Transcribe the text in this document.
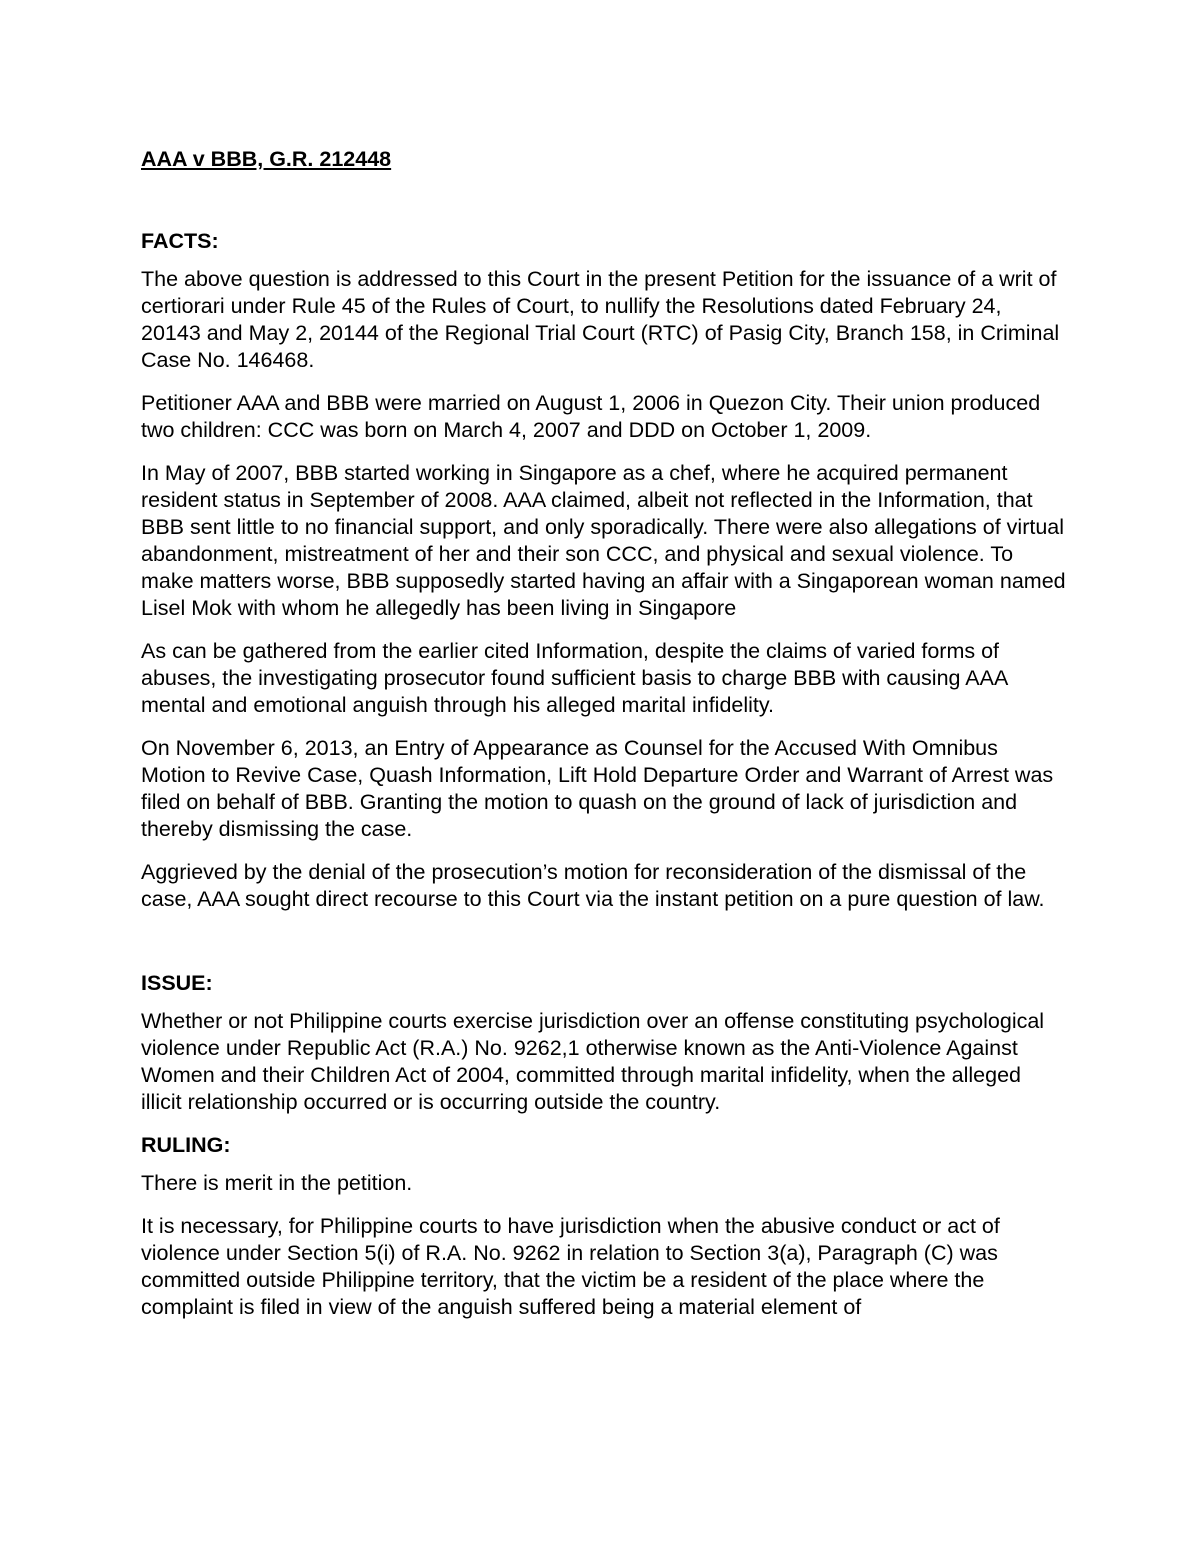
AAA v BBB, G.R. 212448

FACTS:

The above question is addressed to this Court in the present Petition for the issuance of a writ of certiorari under Rule 45 of the Rules of Court, to nullify the Resolutions dated February 24, 20143 and May 2, 20144 of the Regional Trial Court (RTC) of Pasig City, Branch 158, in Criminal Case No. 146468.

Petitioner AAA and BBB were married on August 1, 2006 in Quezon City. Their union produced two children: CCC was born on March 4, 2007 and DDD on October 1, 2009.

In May of 2007, BBB started working in Singapore as a chef, where he acquired permanent resident status in September of 2008. AAA claimed, albeit not reflected in the Information, that BBB sent little to no financial support, and only sporadically. There were also allegations of virtual abandonment, mistreatment of her and their son CCC, and physical and sexual violence. To make matters worse, BBB supposedly started having an affair with a Singaporean woman named Lisel Mok with whom he allegedly has been living in Singapore

As can be gathered from the earlier cited Information, despite the claims of varied forms of abuses, the investigating prosecutor found sufficient basis to charge BBB with causing AAA mental and emotional anguish through his alleged marital infidelity.

On November 6, 2013, an Entry of Appearance as Counsel for the Accused With Omnibus Motion to Revive Case, Quash Information, Lift Hold Departure Order and Warrant of Arrest was filed on behalf of BBB. Granting the motion to quash on the ground of lack of jurisdiction and thereby dismissing the case.

Aggrieved by the denial of the prosecution’s motion for reconsideration of the dismissal of the case, AAA sought direct recourse to this Court via the instant petition on a pure question of law.

ISSUE:

Whether or not Philippine courts exercise jurisdiction over an offense constituting psychological violence under Republic Act (R.A.) No. 9262,1 otherwise known as the Anti-Violence Against Women and their Children Act of 2004, committed through marital infidelity, when the alleged illicit relationship occurred or is occurring outside the country.

RULING:

There is merit in the petition.

It is necessary, for Philippine courts to have jurisdiction when the abusive conduct or act of violence under Section 5(i) of R.A. No. 9262 in relation to Section 3(a), Paragraph (C) was committed outside Philippine territory, that the victim be a resident of the place where the complaint is filed in view of the anguish suffered being a material element of
